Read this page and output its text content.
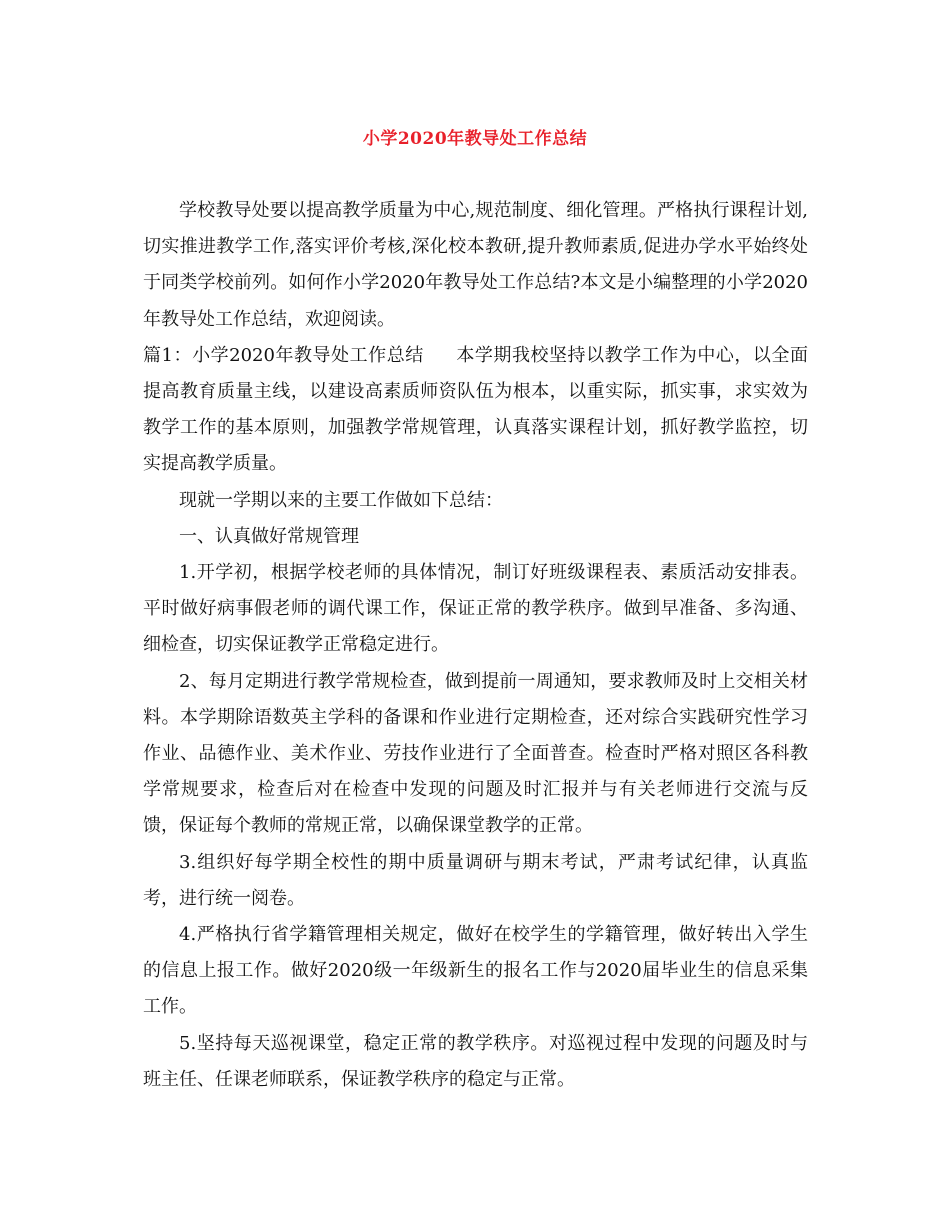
小学2020年教导处工作总结

学校教导处要以提高教学质量为中心,规范制度、细化管理。严格执行课程计划,切实推进教学工作,落实评价考核,深化校本教研,提升教师素质,促进办学水平始终处于同类学校前列。如何作小学2020年教导处工作总结?本文是小编整理的小学2020年教导处工作总结，欢迎阅读。

篇1：小学2020年教导处工作总结 本学期我校坚持以教学工作为中心，以全面提高教育质量主线，以建设高素质师资队伍为根本，以重实际，抓实事，求实效为教学工作的基本原则，加强教学常规管理，认真落实课程计划，抓好教学监控，切实提高教学质量。

现就一学期以来的主要工作做如下总结：

一、认真做好常规管理

1.开学初，根据学校老师的具体情况，制订好班级课程表、素质活动安排表。平时做好病事假老师的调代课工作，保证正常的教学秩序。做到早准备、多沟通、细检查，切实保证教学正常稳定进行。

2、每月定期进行教学常规检查，做到提前一周通知，要求教师及时上交相关材料。本学期除语数英主学科的备课和作业进行定期检查，还对综合实践研究性学习作业、品德作业、美术作业、劳技作业进行了全面普查。检查时严格对照区各科教学常规要求，检查后对在检查中发现的问题及时汇报并与有关老师进行交流与反馈，保证每个教师的常规正常，以确保课堂教学的正常。

3.组织好每学期全校性的期中质量调研与期末考试，严肃考试纪律，认真监考，进行统一阅卷。

4.严格执行省学籍管理相关规定，做好在校学生的学籍管理，做好转出入学生的信息上报工作。做好2020级一年级新生的报名工作与2020届毕业生的信息采集工作。

5.坚持每天巡视课堂，稳定正常的教学秩序。对巡视过程中发现的问题及时与班主任、任课老师联系，保证教学秩序的稳定与正常。
